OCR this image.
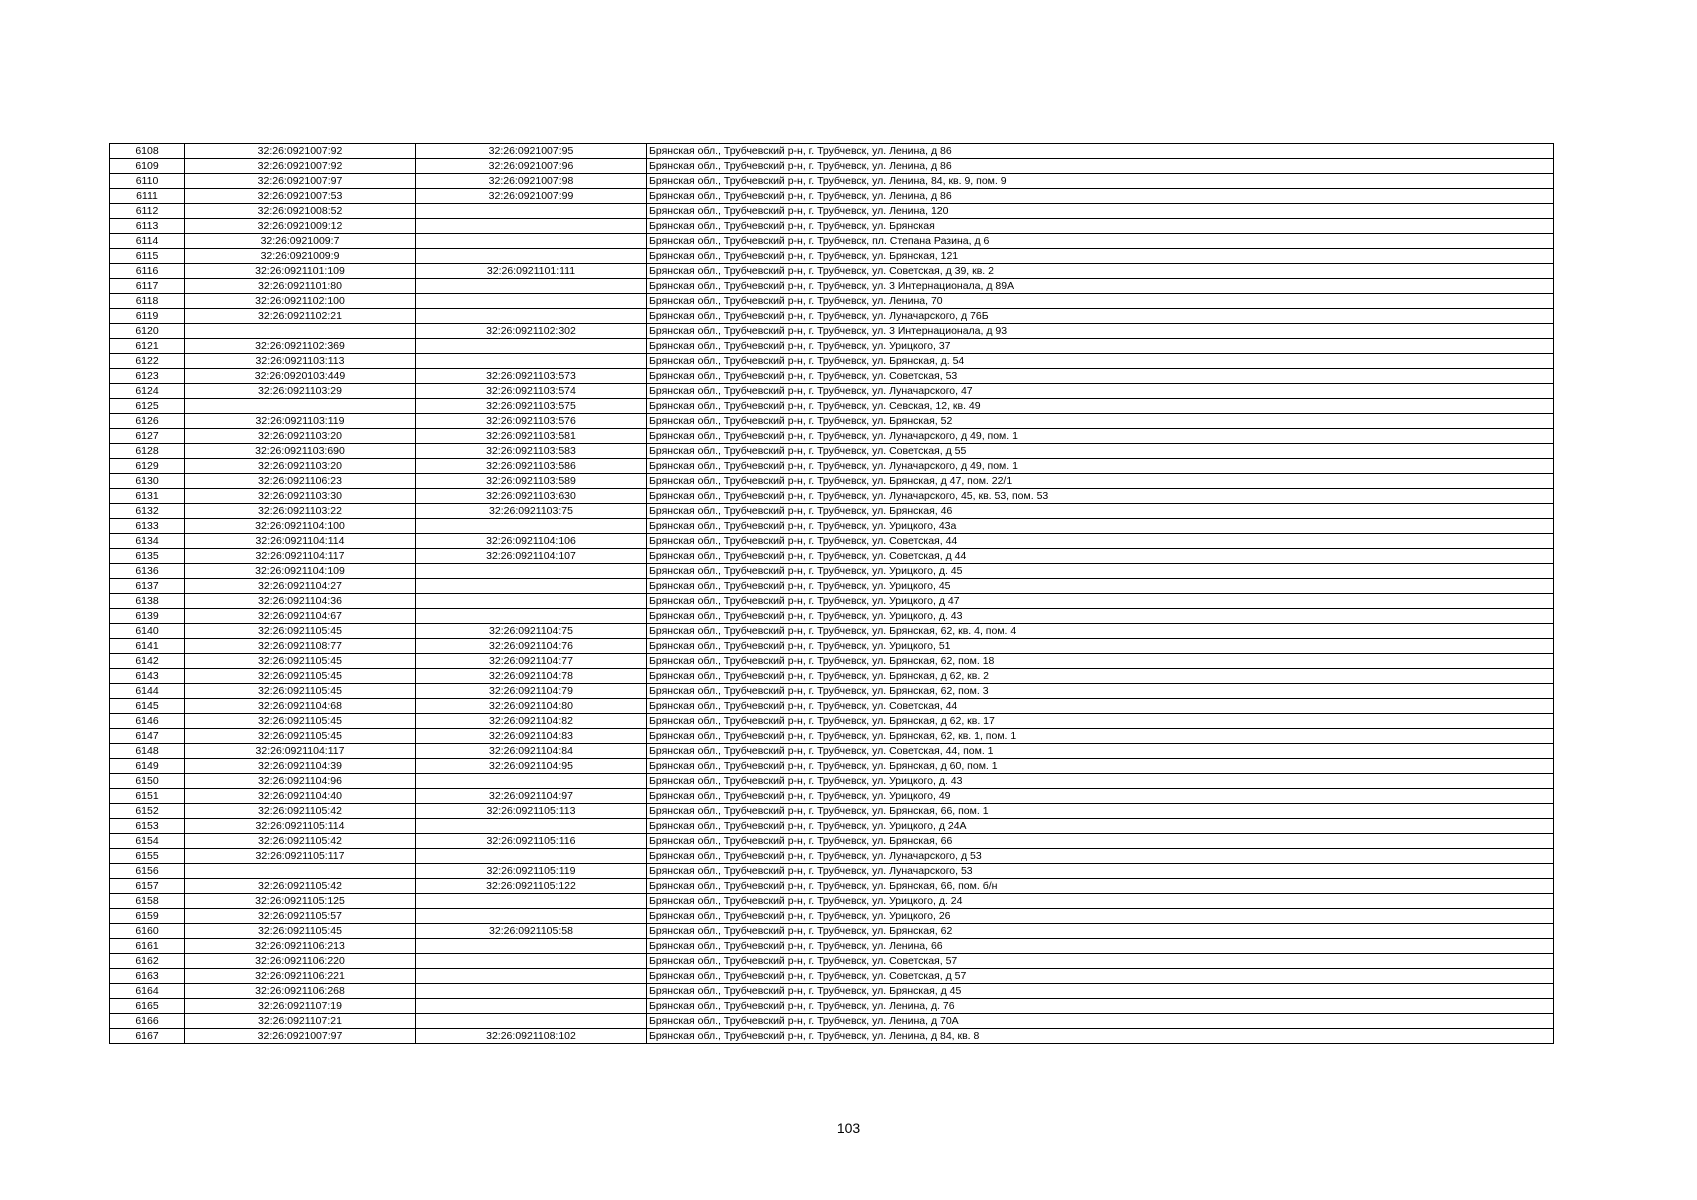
6108	32:26:0921007:92	32:26:0921007:95	Брянская обл., Трубчевский р-н, г. Трубчевск, ул. Ленина, д 86
6109	32:26:0921007:92	32:26:0921007:96	Брянская обл., Трубчевский р-н, г. Трубчевск, ул. Ленина, д 86
6110	32:26:0921007:97	32:26:0921007:98	Брянская обл., Трубчевский р-н, г. Трубчевск, ул. Ленина, 84, кв. 9, пом. 9
6111	32:26:0921007:53	32:26:0921007:99	Брянская обл., Трубчевский р-н, г. Трубчевск, ул. Ленина, д 86
6112	32:26:0921008:52		Брянская обл., Трубчевский р-н, г. Трубчевск, ул. Ленина, 120
6113	32:26:0921009:12		Брянская обл., Трубчевский р-н, г. Трубчевск, ул. Брянская
6114	32:26:0921009:7		Брянская обл., Трубчевский р-н, г. Трубчевск, пл. Степана Разина, д 6
6115	32:26:0921009:9		Брянская обл., Трубчевский р-н, г. Трубчевск, ул. Брянская, 121
6116	32:26:0921101:109	32:26:0921101:111	Брянская обл., Трубчевский р-н, г. Трубчевск, ул. Советская, д 39, кв. 2
6117	32:26:0921101:80		Брянская обл., Трубчевский р-н, г. Трубчевск, ул. 3 Интернационала, д 89А
6118	32:26:0921102:100		Брянская обл., Трубчевский р-н, г. Трубчевск, ул. Ленина, 70
6119	32:26:0921102:21		Брянская обл., Трубчевский р-н, г. Трубчевск, ул. Луначарского, д 76Б
6120		32:26:0921102:302	Брянская обл., Трубчевский р-н, г. Трубчевск, ул. 3 Интернационала, д 93
6121	32:26:0921102:369		Брянская обл., Трубчевский р-н, г. Трубчевск, ул. Урицкого, 37
6122	32:26:0921103:113		Брянская обл., Трубчевский р-н, г. Трубчевск, ул. Брянская, д. 54
6123	32:26:0920103:449	32:26:0921103:573	Брянская обл., Трубчевский р-н, г. Трубчевск, ул. Советская, 53
6124	32:26:0921103:29	32:26:0921103:574	Брянская обл., Трубчевский р-н, г. Трубчевск, ул. Луначарского, 47
6125		32:26:0921103:575	Брянская обл., Трубчевский р-н, г. Трубчевск, ул. Севская, 12, кв. 49
6126	32:26:0921103:119	32:26:0921103:576	Брянская обл., Трубчевский р-н, г. Трубчевск, ул. Брянская, 52
6127	32:26:0921103:20	32:26:0921103:581	Брянская обл., Трубчевский р-н, г. Трубчевск, ул. Луначарского, д 49, пом. 1
6128	32:26:0921103:690	32:26:0921103:583	Брянская обл., Трубчевский р-н, г. Трубчевск, ул. Советская, д 55
6129	32:26:0921103:20	32:26:0921103:586	Брянская обл., Трубчевский р-н, г. Трубчевск, ул. Луначарского, д 49, пом. 1
6130	32:26:0921106:23	32:26:0921103:589	Брянская обл., Трубчевский р-н, г. Трубчевск, ул. Брянская, д 47, пом. 22/1
6131	32:26:0921103:30	32:26:0921103:630	Брянская обл., Трубчевский р-н, г. Трубчевск, ул. Луначарского, 45, кв. 53, пом. 53
6132	32:26:0921103:22	32:26:0921103:75	Брянская обл., Трубчевский р-н, г. Трубчевск, ул. Брянская, 46
6133	32:26:0921104:100		Брянская обл., Трубчевский р-н, г. Трубчевск, ул. Урицкого, 43а
6134	32:26:0921104:114	32:26:0921104:106	Брянская обл., Трубчевский р-н, г. Трубчевск, ул. Советская, 44
6135	32:26:0921104:117	32:26:0921104:107	Брянская обл., Трубчевский р-н, г. Трубчевск, ул. Советская, д 44
6136	32:26:0921104:109		Брянская обл., Трубчевский р-н, г. Трубчевск, ул. Урицкого, д. 45
6137	32:26:0921104:27		Брянская обл., Трубчевский р-н, г. Трубчевск, ул. Урицкого, 45
6138	32:26:0921104:36		Брянская обл., Трубчевский р-н, г. Трубчевск, ул. Урицкого, д 47
6139	32:26:0921104:67		Брянская обл., Трубчевский р-н, г. Трубчевск, ул. Урицкого, д. 43
6140	32:26:0921105:45	32:26:0921104:75	Брянская обл., Трубчевский р-н, г. Трубчевск, ул. Брянская, 62, кв. 4, пом. 4
6141	32:26:0921108:77	32:26:0921104:76	Брянская обл., Трубчевский р-н, г. Трубчевск, ул. Урицкого, 51
6142	32:26:0921105:45	32:26:0921104:77	Брянская обл., Трубчевский р-н, г. Трубчевск, ул. Брянская, 62, пом. 18
6143	32:26:0921105:45	32:26:0921104:78	Брянская обл., Трубчевский р-н, г. Трубчевск, ул. Брянская, д 62, кв. 2
6144	32:26:0921105:45	32:26:0921104:79	Брянская обл., Трубчевский р-н, г. Трубчевск, ул. Брянская, 62, пом. 3
6145	32:26:0921104:68	32:26:0921104:80	Брянская обл., Трубчевский р-н, г. Трубчевск, ул. Советская, 44
6146	32:26:0921105:45	32:26:0921104:82	Брянская обл., Трубчевский р-н, г. Трубчевск, ул. Брянская, д 62, кв. 17
6147	32:26:0921105:45	32:26:0921104:83	Брянская обл., Трубчевский р-н, г. Трубчевск, ул. Брянская, 62, кв. 1, пом. 1
6148	32:26:0921104:117	32:26:0921104:84	Брянская обл., Трубчевский р-н, г. Трубчевск, ул. Советская, 44, пом. 1
6149	32:26:0921104:39	32:26:0921104:95	Брянская обл., Трубчевский р-н, г. Трубчевск, ул. Брянская, д 60, пом. 1
6150	32:26:0921104:96		Брянская обл., Трубчевский р-н, г. Трубчевск, ул. Урицкого, д. 43
6151	32:26:0921104:40	32:26:0921104:97	Брянская обл., Трубчевский р-н, г. Трубчевск, ул. Урицкого, 49
6152	32:26:0921105:42	32:26:0921105:113	Брянская обл., Трубчевский р-н, г. Трубчевск, ул. Брянская, 66, пом. 1
6153	32:26:0921105:114		Брянская обл., Трубчевский р-н, г. Трубчевск, ул. Урицкого, д 24А
6154	32:26:0921105:42	32:26:0921105:116	Брянская обл., Трубчевский р-н, г. Трубчевск, ул. Брянская, 66
6155	32:26:0921105:117		Брянская обл., Трубчевский р-н, г. Трубчевск, ул. Луначарского, д 53
6156		32:26:0921105:119	Брянская обл., Трубчевский р-н, г. Трубчевск, ул. Луначарского, 53
6157	32:26:0921105:42	32:26:0921105:122	Брянская обл., Трубчевский р-н, г. Трубчевск, ул. Брянская, 66, пом. б/н
6158	32:26:0921105:125		Брянская обл., Трубчевский р-н, г. Трубчевск, ул. Урицкого, д. 24
6159	32:26:0921105:57		Брянская обл., Трубчевский р-н, г. Трубчевск, ул. Урицкого, 26
6160	32:26:0921105:45	32:26:0921105:58	Брянская обл., Трубчевский р-н, г. Трубчевск, ул. Брянская, 62
6161	32:26:0921106:213		Брянская обл., Трубчевский р-н, г. Трубчевск, ул. Ленина, 66
6162	32:26:0921106:220		Брянская обл., Трубчевский р-н, г. Трубчевск, ул. Советская, 57
6163	32:26:0921106:221		Брянская обл., Трубчевский р-н, г. Трубчевск, ул. Советская, д 57
6164	32:26:0921106:268		Брянская обл., Трубчевский р-н, г. Трубчевск, ул. Брянская, д 45
6165	32:26:0921107:19		Брянская обл., Трубчевский р-н, г. Трубчевск, ул. Ленина, д. 76
6166	32:26:0921107:21		Брянская обл., Трубчевский р-н, г. Трубчевск, ул. Ленина, д 70А
6167	32:26:0921007:97	32:26:0921108:102	Брянская обл., Трубчевский р-н, г. Трубчевск, ул. Ленина, д 84, кв. 8
103
